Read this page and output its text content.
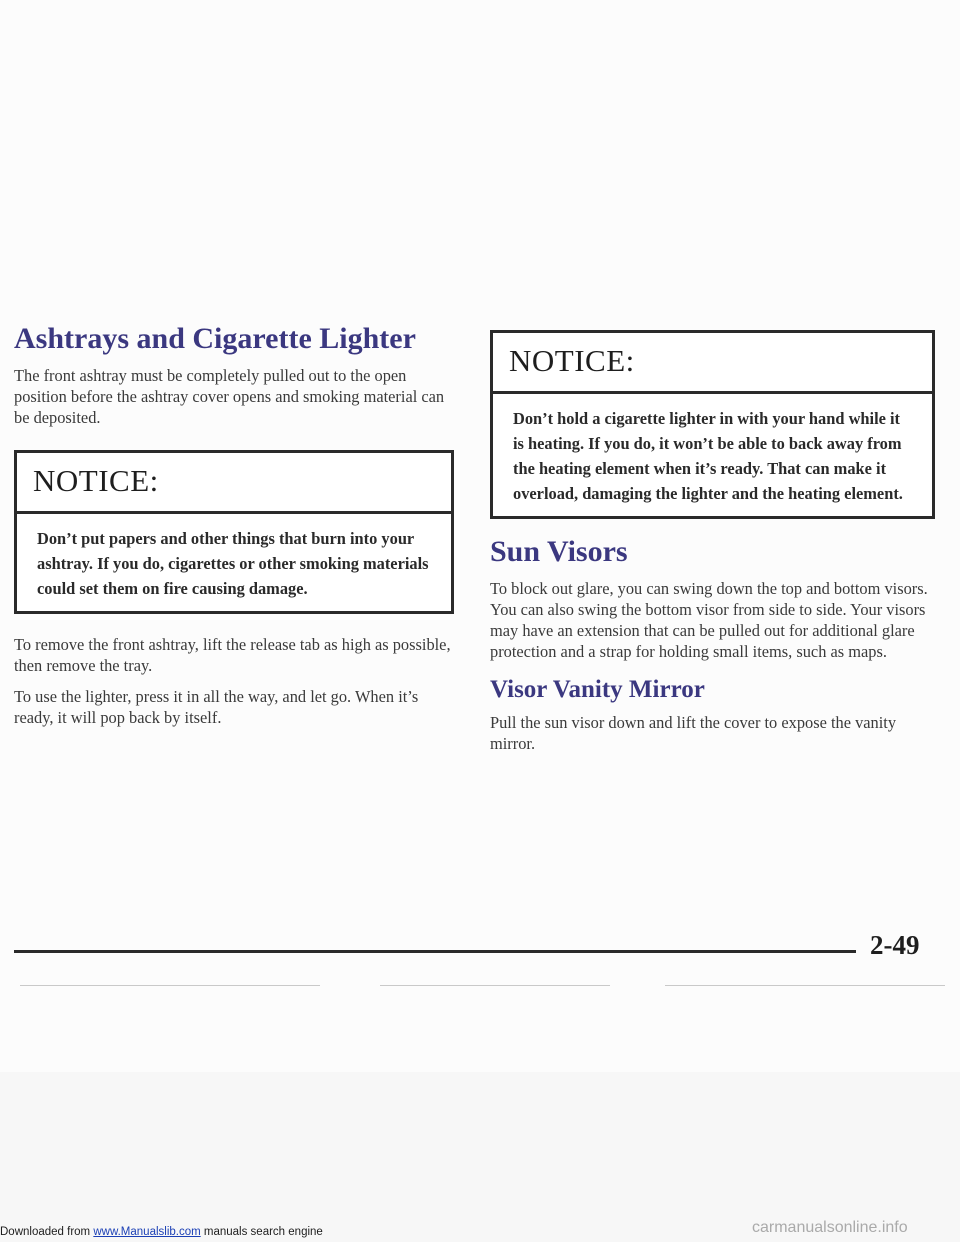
Ashtrays and Cigarette Lighter

The front ashtray must be completely pulled out to the open position before the ashtray cover opens and smoking material can be deposited.

NOTICE:
Don’t put papers and other things that burn into your ashtray. If you do, cigarettes or other smoking materials could set them on fire causing damage.

To remove the front ashtray, lift the release tab as high as possible, then remove the tray.

To use the lighter, press it in all the way, and let go. When it’s ready, it will pop back by itself.

NOTICE:
Don’t hold a cigarette lighter in with your hand while it is heating. If you do, it won’t be able to back away from the heating element when it’s ready. That can make it overload, damaging the lighter and the heating element.
Sun Visors

To block out glare, you can swing down the top and bottom visors. You can also swing the bottom visor from side to side. Your visors may have an extension that can be pulled out for additional glare protection and a strap for holding small items, such as maps.

Visor Vanity Mirror

Pull the sun visor down and lift the cover to expose the vanity mirror.

2-49
Downloaded from www.Manualslib.com manuals search engine	carmanualsonline.info
